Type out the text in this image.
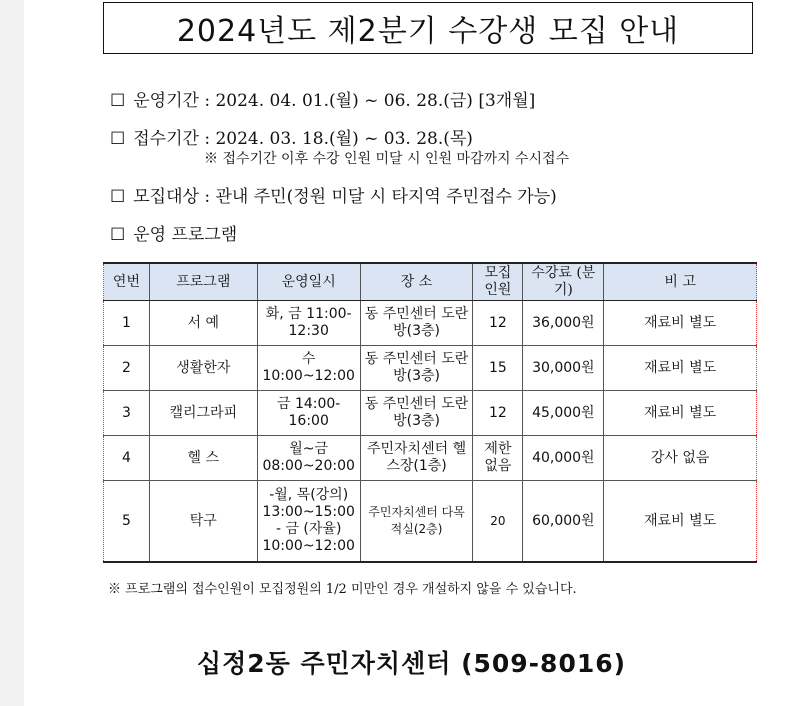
2024년도 제2분기 수강생 모집 안내
☐ 운영기간 : 2024. 04. 01.(월) ~ 06. 28.(금) [3개월]
☐ 접수기간 : 2024. 03. 18.(월) ~ 03. 28.(목)
※ 접수기간 이후 수강 인원 미달 시 인원 마감까지 수시접수
☐ 모집대상 : 관내 주민(정원 미달 시 타지역 주민접수 가능)
☐ 운영 프로그램
연번	프로그램	운영일시	장 소	모집 인원	수강료 (분기)	비 고
1	서 예	화, 금 11:00-12:30	동 주민센터 도란방(3층)	12	36,000원	재료비 별도
2	생활한자	수 10:00~12:00	동 주민센터 도란방(3층)	15	30,000원	재료비 별도
3	캘리그라피	금 14:00-16:00	동 주민센터 도란방(3층)	12	45,000원	재료비 별도
4	헬 스	월~금 08:00~20:00	주민자치센터 헬스장(1층)	제한 없음	40,000원	강사 없음
5	탁구	-월, 목(강의) 13:00~15:00 - 금 (자율) 10:00~12:00	주민자치센터 다목적실(2층)	20	60,000원	재료비 별도
※ 프로그램의 접수인원이 모집정원의 1/2 미만인 경우 개설하지 않을 수 있습니다.
십정2동 주민자치센터 (509-8016)
